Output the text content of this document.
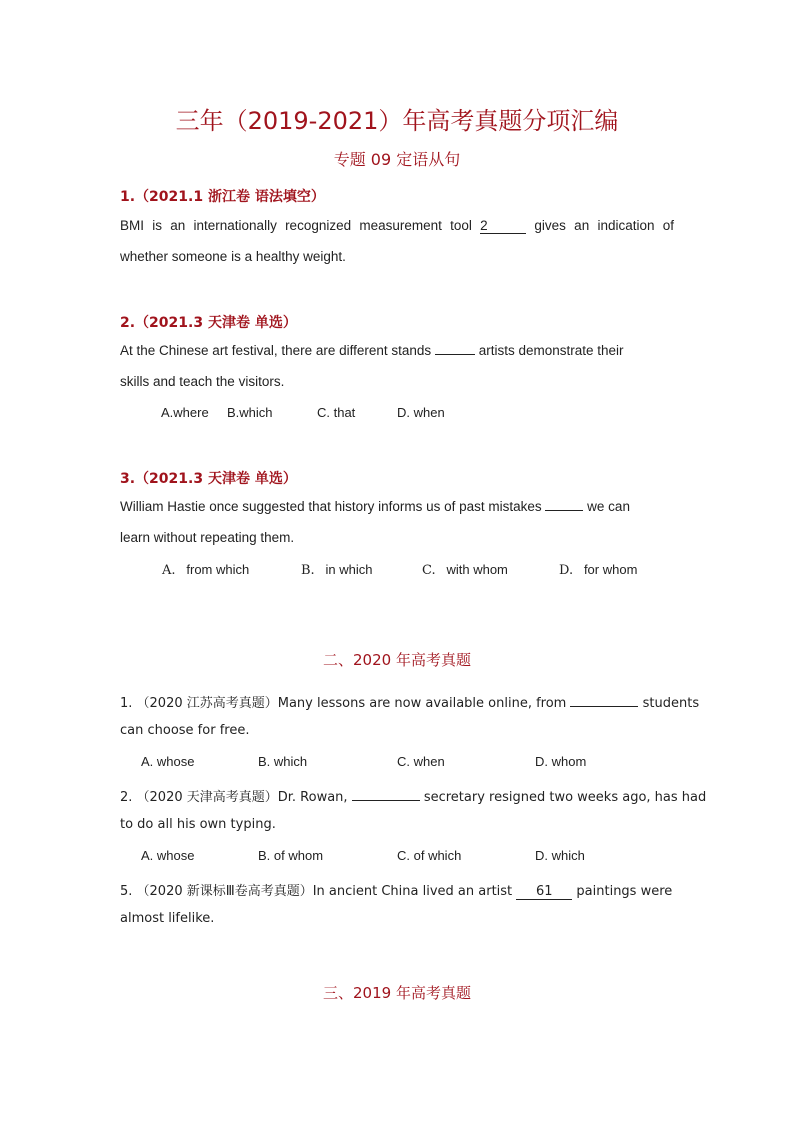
三年（2019-2021）年高考真题分项汇编
专题 09 定语从句
1.（2021.1 浙江卷 语法填空）
BMI is an internationally recognized measurement tool 2	gives an indication of
whether someone is a healthy weight.
2.（2021.3 天津卷 单选）
At the Chinese art festival, there are different stands	artists demonstrate their
skills and teach the visitors.
A.where B.which	C. that	D. when
3.（2021.3 天津卷 单选）
William Hastie once suggested that history informs us of past mistakes	we can
learn without repeating them.
A. from which	B. in which	C. with whom	D. for whom
二、2020 年高考真题
1. （2020 江苏高考真题）Many lessons are now available online, from	students
can choose for free.
A. whose	B. which	C. when	D. whom
2. （2020 天津高考真题）Dr. Rowan,	secretary resigned two weeks ago, has had
to do all his own typing.
A. whose	B. of whom	C. of which	D. which
5. （2020 新课标Ⅲ卷高考真题）In ancient China lived an artist 61 paintings were
almost lifelike.
三、2019 年高考真题
